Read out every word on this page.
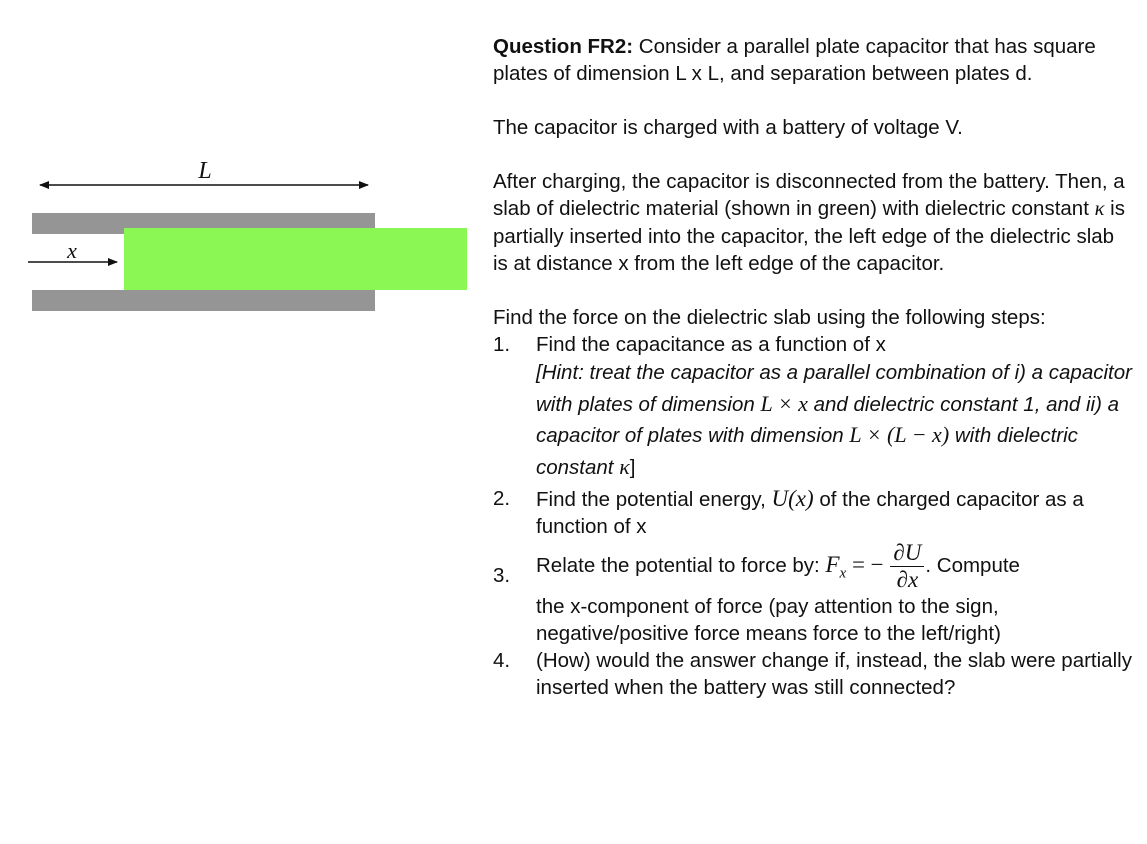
L
x

Question FR2: Consider a parallel plate capacitor that has square plates of dimension L x L, and separation between plates d.

The capacitor is charged with a battery of voltage V.

After charging, the capacitor is disconnected from the battery. Then, a slab of dielectric material (shown in green) with dielectric constant κ is partially inserted into the capacitor, the left edge of the dielectric slab is at distance x from the left edge of the capacitor.

Find the force on the dielectric slab using the following steps:

1. Find the capacitance as a function of x
[Hint: treat the capacitor as a parallel combination of i) a capacitor with plates of dimension L × x and dielectric constant 1, and ii) a capacitor of plates with dimension L × (L − x) with dielectric constant κ]
2. Find the potential energy, U(x) of the charged capacitor as a function of x
3. Relate the potential to force by: $F_x$ = − $\frac{\partial U}{\partial x}$ . Compute
the x-component of force (pay attention to the sign, negative/positive force means force to the left/right)
4. (How) would the answer change if, instead, the slab were partially inserted when the battery was still connected?
